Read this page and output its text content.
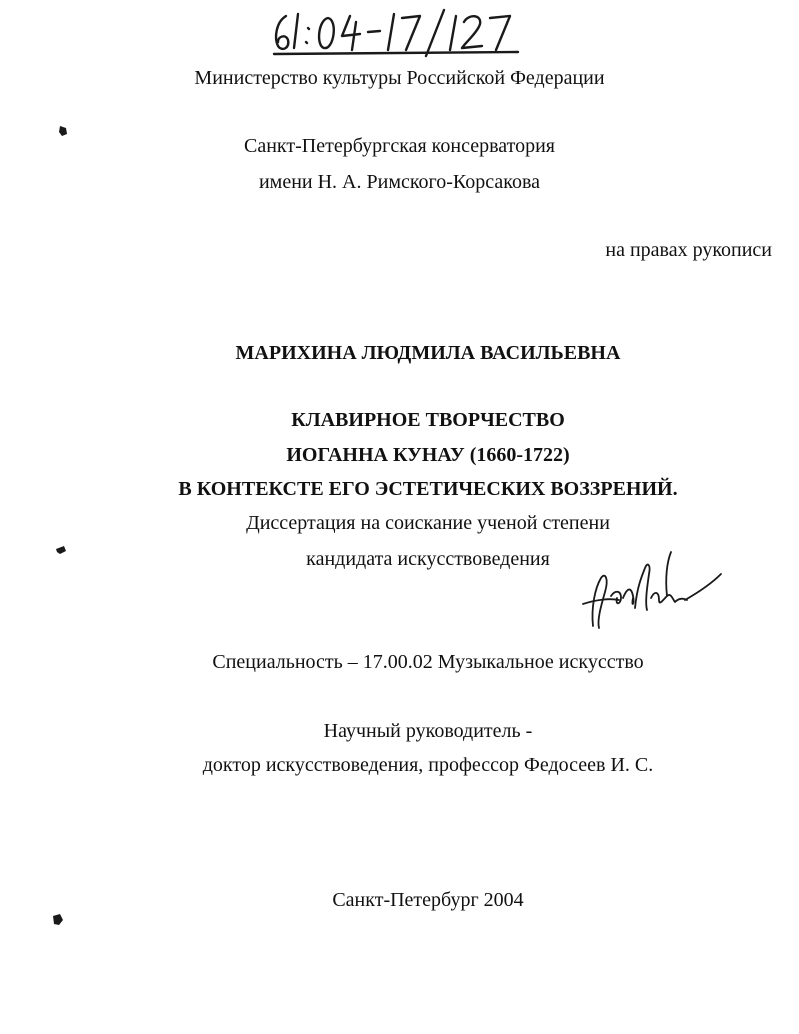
Министерство культуры Российской Федерации
Санкт-Петербургская консерватория
имени Н. А. Римского-Корсакова
на правах рукописи
МАРИХИНА ЛЮДМИЛА ВАСИЛЬЕВНА
КЛАВИРНОЕ ТВОРЧЕСТВО
ИОГАННА КУНАУ (1660-1722)
В КОНТЕКСТЕ ЕГО ЭСТЕТИЧЕСКИХ ВОЗЗРЕНИЙ.
Диссертация на соискание ученой степени
кандидата искусствоведения
Специальность – 17.00.02 Музыкальное искусство
Научный руководитель -
доктор искусствоведения, профессор Федосеев И. С.
Санкт-Петербург 2004
